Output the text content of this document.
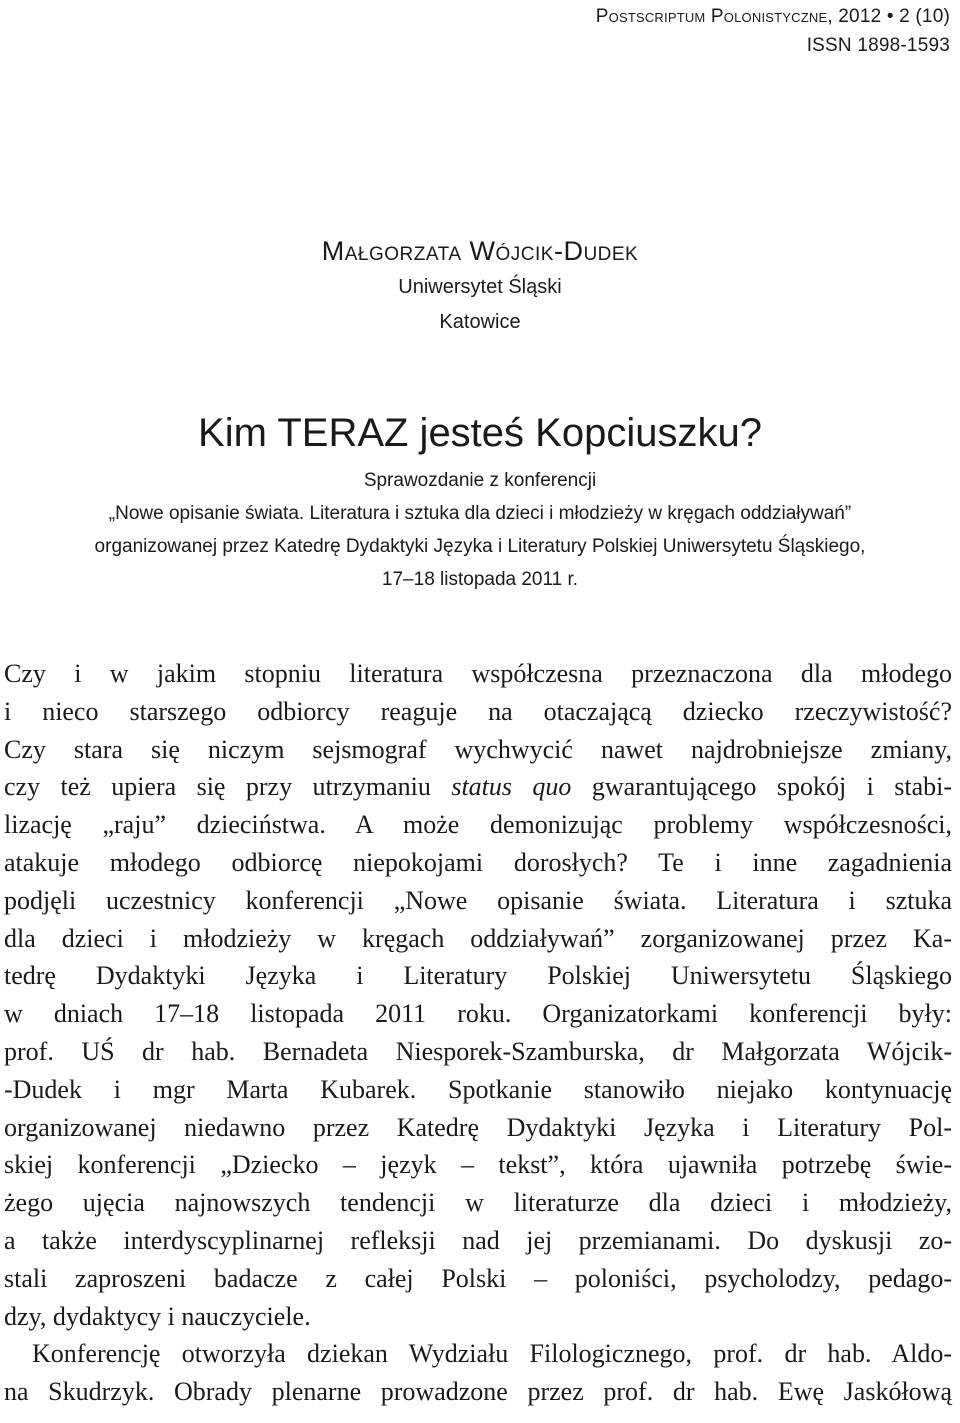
Postscriptum Polonistyczne, 2012 • 2 (10)
ISSN 1898-1593
Małgorzata Wójcik-Dudek
Uniwersytet Śląski
Katowice
Kim TERAZ jesteś Kopciuszku?
Sprawozdanie z konferencji
„Nowe opisanie świata. Literatura i sztuka dla dzieci i młodzieży w kręgach oddziaływań”
organizowanej przez Katedrę Dydaktyki Języka i Literatury Polskiej Uniwersytetu Śląskiego,
17–18 listopada 2011 r.

Czy i w jakim stopniu literatura współczesna przeznaczona dla młodego

i nieco starszego odbiorcy reaguje na otaczającą dziecko rzeczywistość?

Czy stara się niczym sejsmograf wychwycić nawet najdrobniejsze zmiany,

czy też upiera się przy utrzymaniu status quo gwarantującego spokój i stabi-

lizację „raju” dzieciństwa. A może demonizując problemy współczesności,

atakuje młodego odbiorcę niepokojami dorosłych? Te i inne zagadnienia

podjęli uczestnicy konferencji „Nowe opisanie świata. Literatura i sztuka

dla dzieci i młodzieży w kręgach oddziaływań” zorganizowanej przez Ka-

tedrę Dydaktyki Języka i Literatury Polskiej Uniwersytetu Śląskiego

w dniach 17–18 listopada 2011 roku. Organizatorkami konferencji były:

prof. UŚ dr hab. Bernadeta Niesporek-Szamburska, dr Małgorzata Wójcik-

-Dudek i mgr Marta Kubarek. Spotkanie stanowiło niejako kontynuację

organizowanej niedawno przez Katedrę Dydaktyki Języka i Literatury Pol-

skiej konferencji „Dziecko – język – tekst”, która ujawniła potrzebę świe-

żego ujęcia najnowszych tendencji w literaturze dla dzieci i młodzieży,

a także interdyscyplinarnej refleksji nad jej przemianami. Do dyskusji zo-

stali zaproszeni badacze z całej Polski – poloniści, psycholodzy, pedago-

dzy, dydaktycy i nauczyciele.

Konferencję otworzyła dziekan Wydziału Filologicznego, prof. dr hab. Aldo-

na Skudrzyk. Obrady plenarne prowadzone przez prof. dr hab. Ewę Jaskółową
